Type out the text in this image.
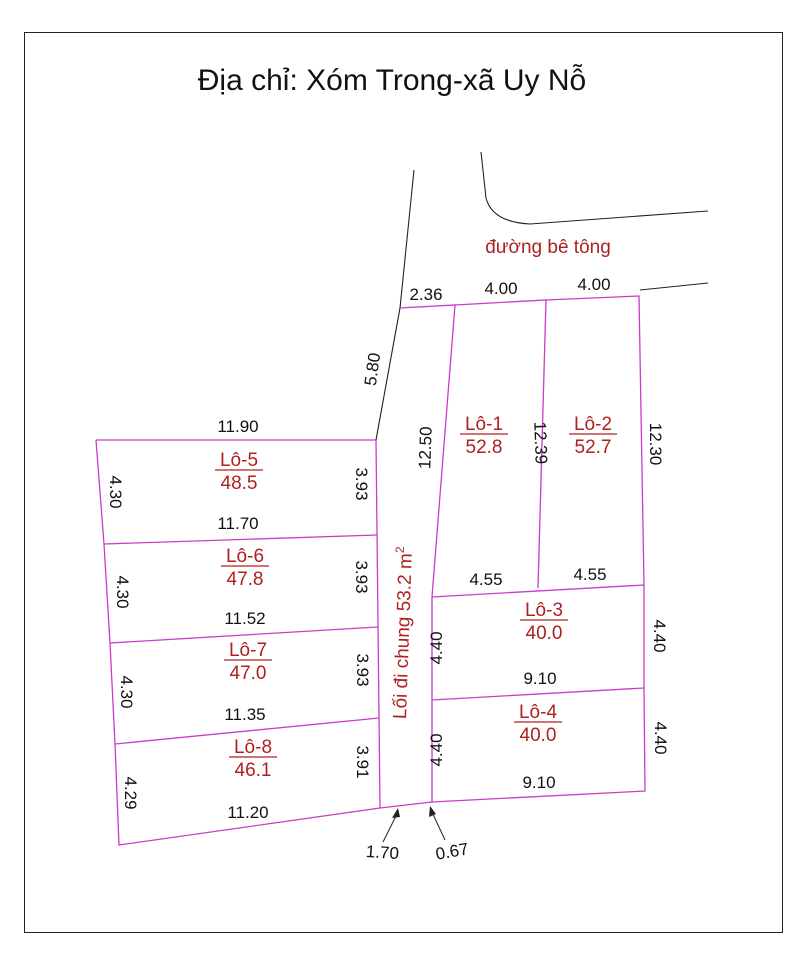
Địa chỉ: Xóm Trong-xã Uy Nỗ
đường bê tông
2.36 4.00	4.00
5.80
12.50	12.39	12.30
4.55	4.55
4.40	4.40
9.10
4.40	4.40
9.10
11.90
4.30	3.93
11.70
4.30	3.93
11.52
4.30
3.93
11.35
4.29
3.91
11.20
1.70 0.67
Lối đi chung 53.2 $m^2$
Lô-1
52.8
Lô-2
52.7
Lô-3
40.0
Lô-4
40.0
Lô-5
48.5
Lô-6
47.8
Lô-7
47.0
Lô-8
46.1
